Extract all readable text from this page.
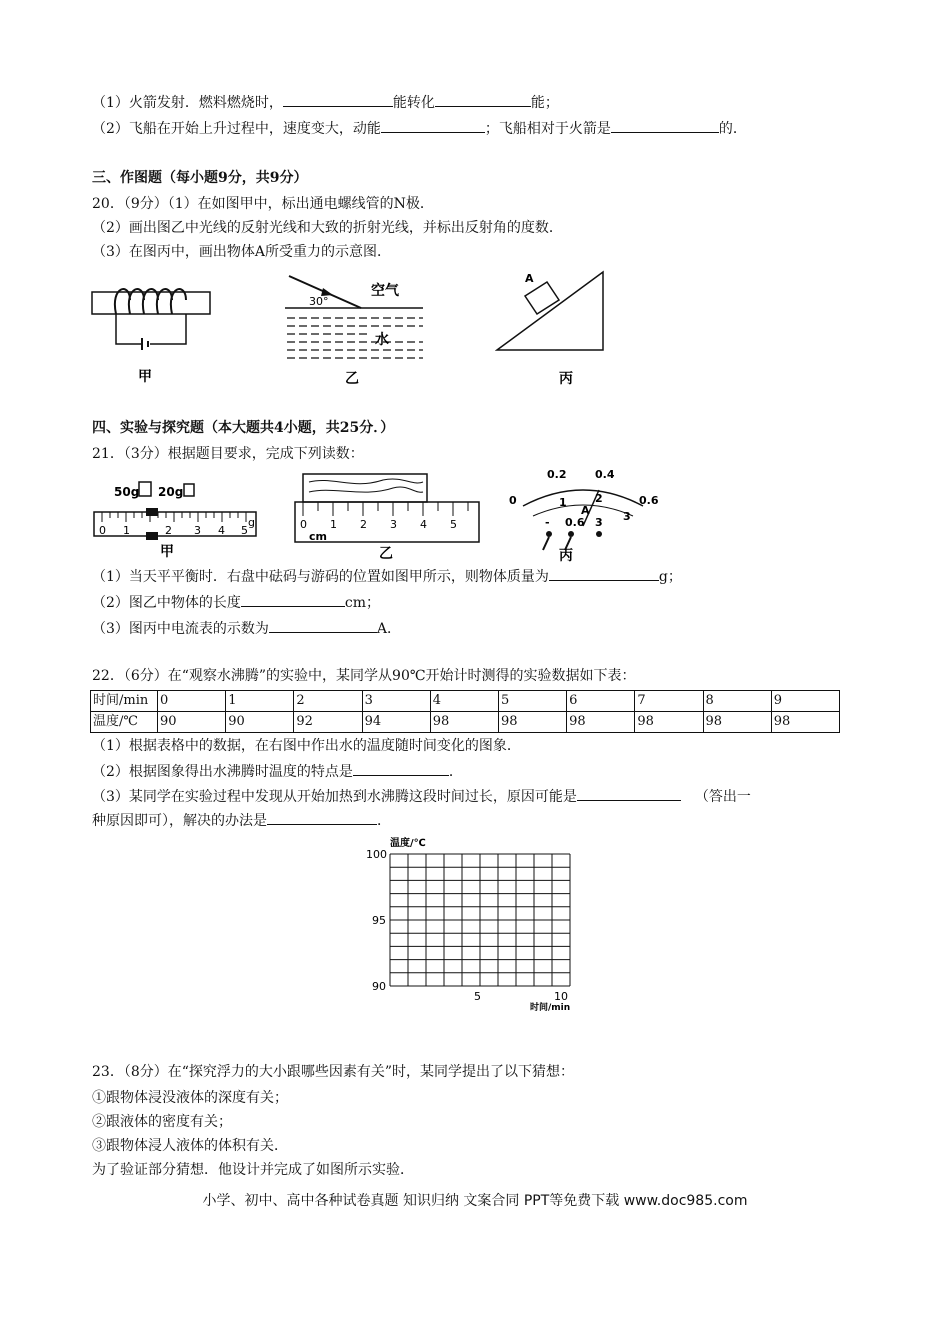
（1）火箭发射．燃料燃烧时，	能转化	能；
（2）飞船在开始上升过程中，速度变大，动能	；飞船相对于火箭是	的．
三、作图题（每小题9分，共9分）
20．（9分）（1）在如图甲中，标出通电螺线管的N极．
（2）画出图乙中光线的反射光线和大致的折射光线，并标出反射角的度数．
（3）在图丙中，画出物体A所受重力的示意图．
甲
30°
空气
水
乙
A
丙
四、实验与探究题（本大题共4小题，共25分．）
21．（3分）根据题目要求，完成下列读数：
50g 20g
0 1	2 3 4 5
g
甲
0 1 2 3 4 5
cm
乙
0.2	0.4
0	0.6
1	2
3
A
- 0.6 3
丙
（1）当天平平衡时．右盘中砝码与游码的位置如图甲所示，则物体质量为	g；
（2）图乙中物体的长度	cm；
（3）图丙中电流表的示数为	A．
22．（6分）在“观察水沸腾”的实验中，某同学从90℃开始计时测得的实验数据如下表：
时间/min	0	1	2	3	4	5	6	7	8	9
温度/℃	90	90	92	94	98	98	98	98	98	98
（1）根据表格中的数据，在右图中作出水的温度随时间变化的图象．
（2）根据图象得出水沸腾时温度的特点是	．
（3）某同学在实验过程中发现从开始加热到水沸腾这段时间过长，原因可能是	（答出一
种原因即可），解决的办法是	．
温度/℃
100
95
90
5	10
时间/min
23．（8分）在“探究浮力的大小跟哪些因素有关”时，某同学提出了以下猜想：
①跟物体浸没液体的深度有关；
②跟液体的密度有关；
③跟物体浸人液体的体积有关．
为了验证部分猜想．他设计并完成了如图所示实验．
小学、初中、高中各种试卷真题 知识归纳 文案合同 PPT等免费下载 www.doc985.com
